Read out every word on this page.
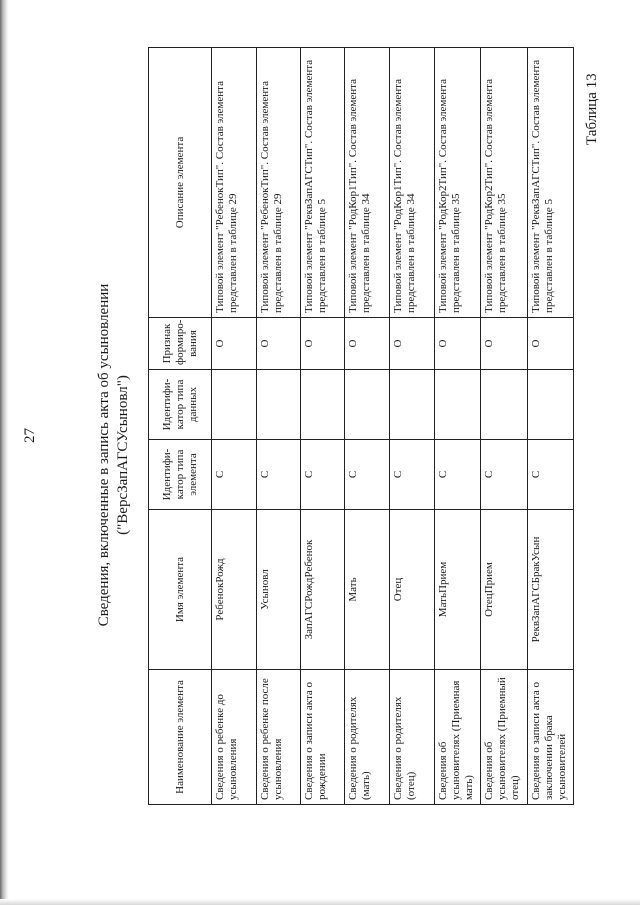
27
Таблица 13
Сведения, включенные в запись акта об усыновлении ("ВерсЗапАГСУсыновл")
Наименование элемента	Имя элемента	Идентифи-катор типа элемента	Идентифи-катор типа данных	Признак формиро-вания	Описание элемента
Сведения о ребенке до усыновления	РебенокРожд	С		О	Типовой элемент "РебенокТип". Состав элемента представлен в таблице 29
Сведения о ребенке после усыновления	Усыновл	С		О	Типовой элемент "РебенокТип". Состав элемента представлен в таблице 29
Сведения о записи акта о рождении	ЗапАГСРождРебенок	С		О	Типовой элемент "РеквЗапАГСТип". Состав элемента представлен в таблице 5
Сведения о родителях (мать)	Мать	С		О	Типовой элемент "РодКор1Тип". Состав элемента представлен в таблице 34
Сведения о родителях (отец)	Отец	С		О	Типовой элемент "РодКор1Тип". Состав элемента представлен в таблице 34
Сведения об усыновителях (Приемная мать)	МатьПрием	С		О	Типовой элемент "РодКор2Тип". Состав элемента представлен в таблице 35
Сведения об усыновителях (Приемный отец)	ОтецПрием	С		О	Типовой элемент "РодКор2Тип". Состав элемента представлен в таблице 35
Сведения о записи акта о заключении брака усыновителей	РеквЗапАГСБракУсын	С		О	Типовой элемент "РеквЗапАГСТип". Состав элемента представлен в таблице 5
